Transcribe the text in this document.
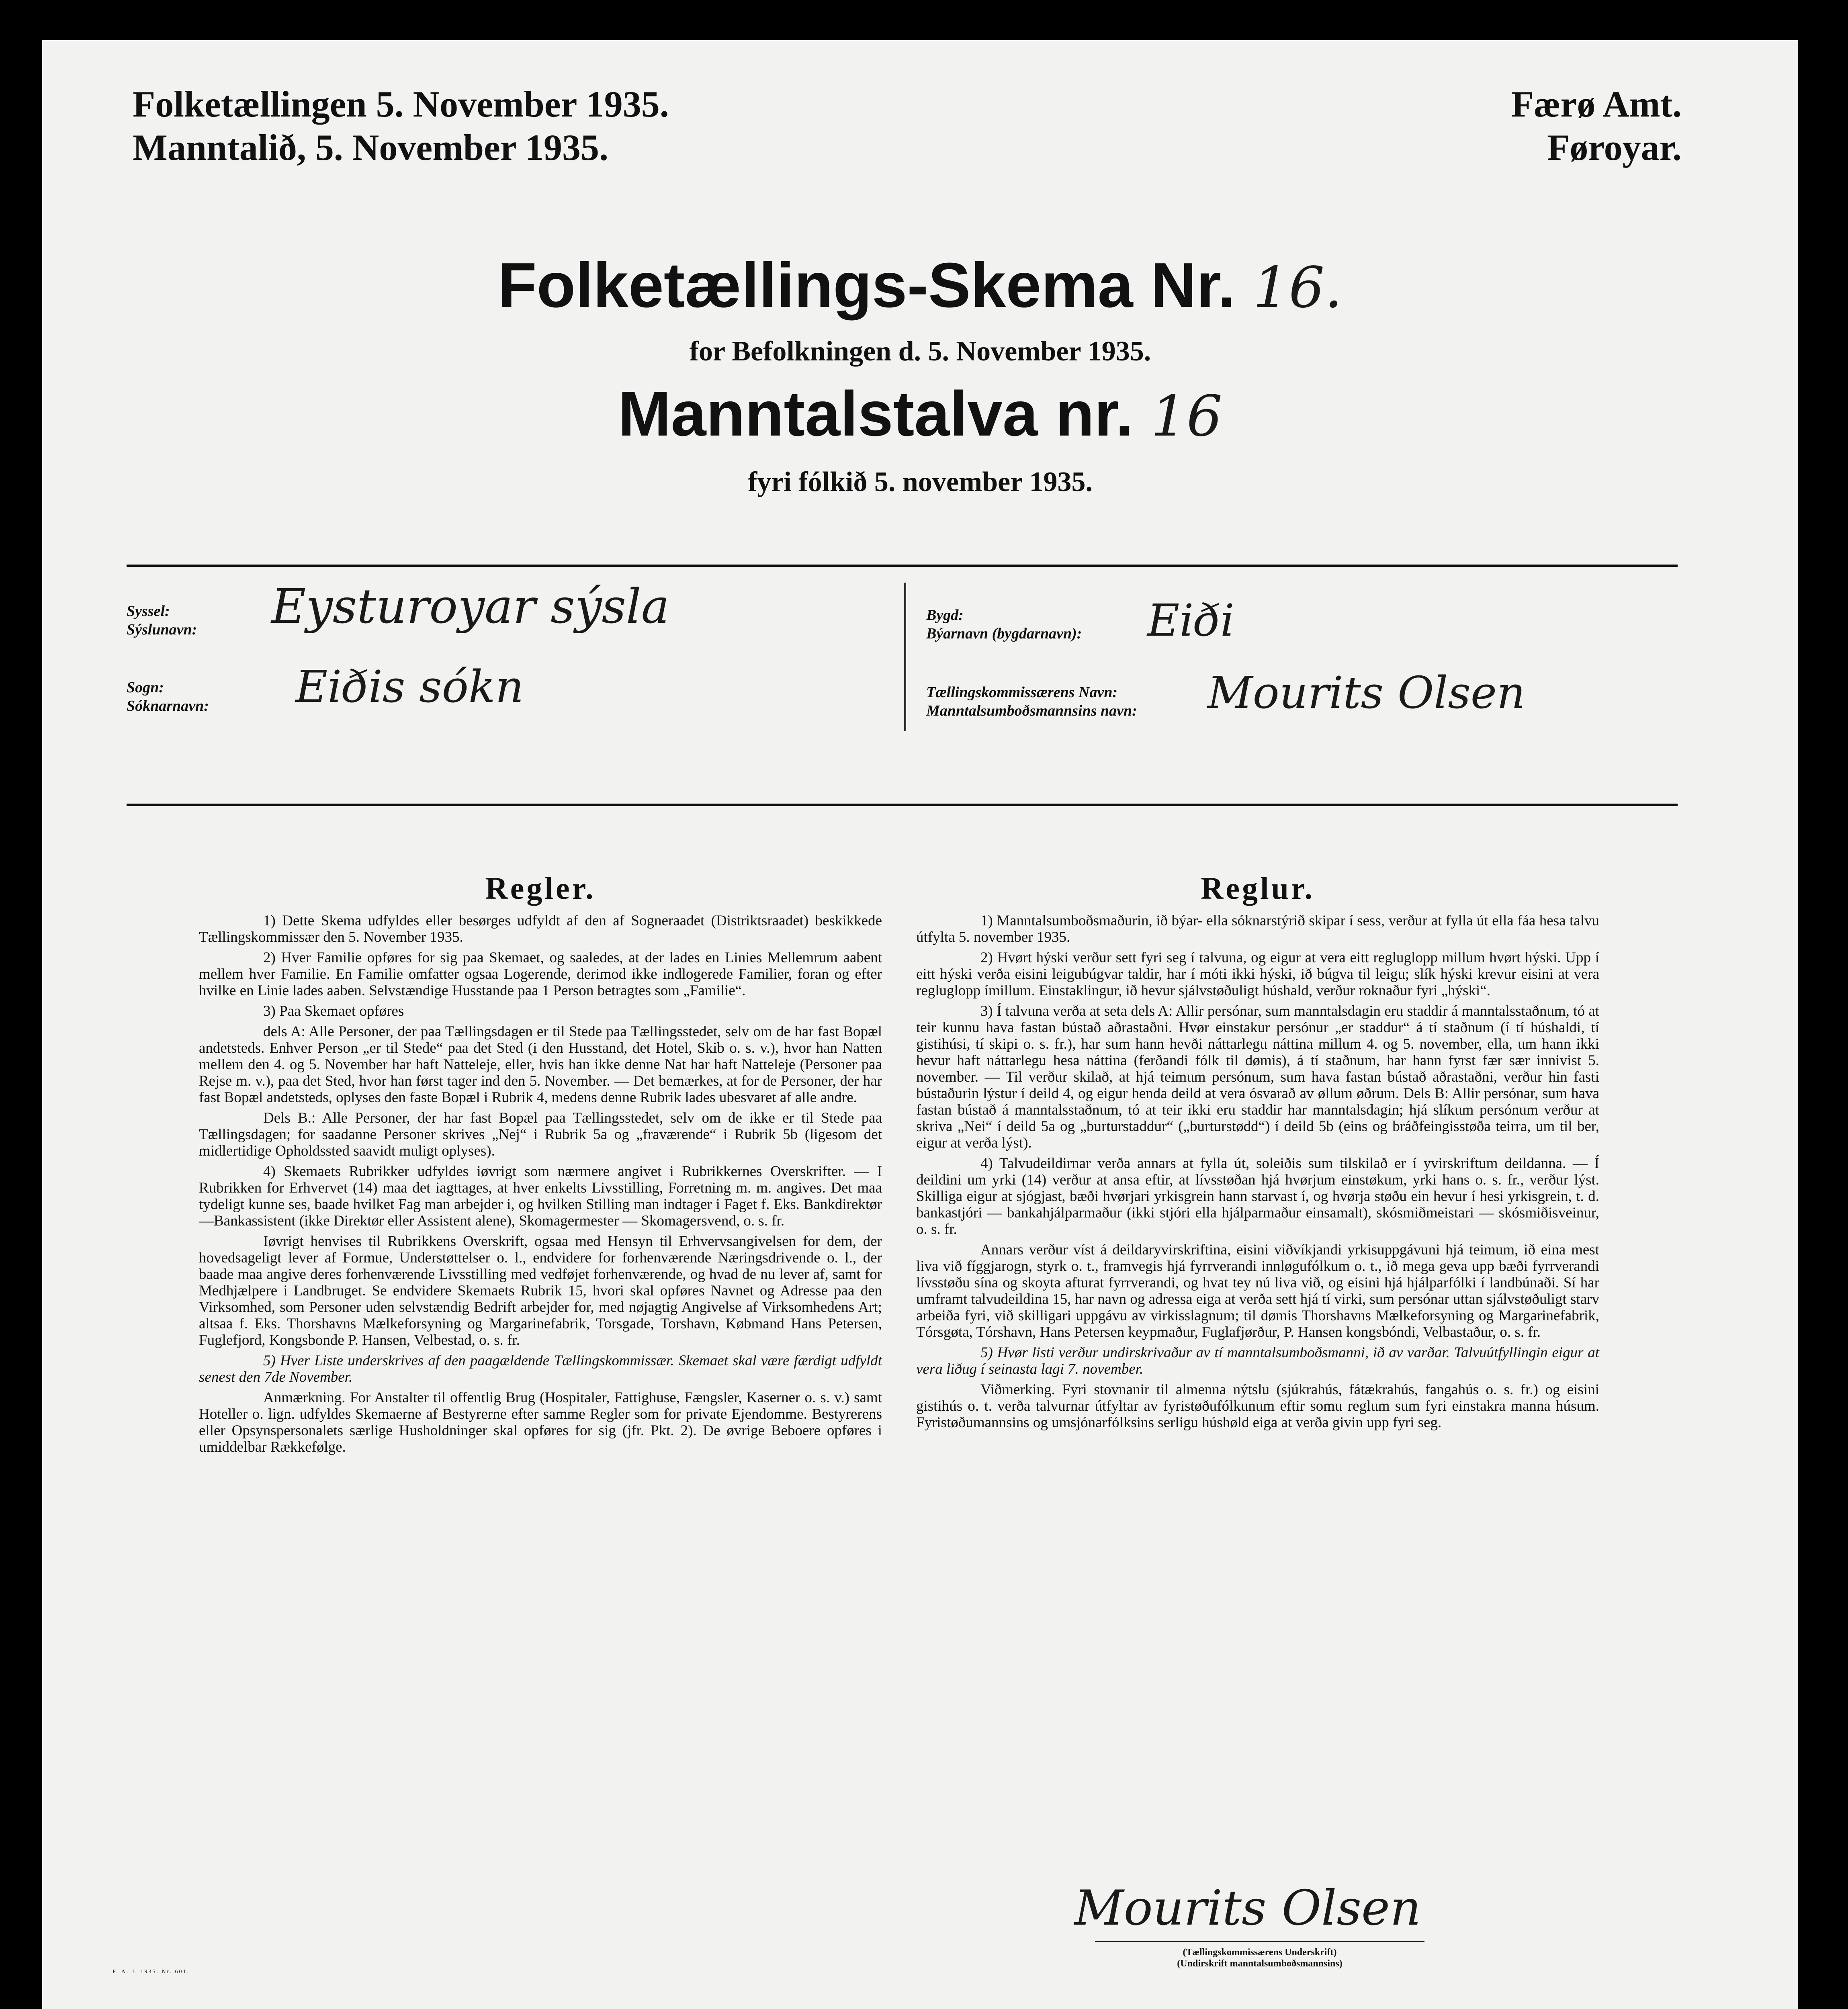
Folketællingen 5. November 1935.
Manntalið, 5. November 1935.
Færø Amt.
Føroyar.
Folketællings-Skema Nr. 16.
for Befolkningen d. 5. November 1935.
Manntalstalva nr. 16
fyri fólkið 5. november 1935.
Syssel:
Sýslunavn: Eysturoyar sýsla
Sogn:
Sóknarnavn: Eiðis sókn
Bygd:
Býarnavn (bygdarnavn): Eiði
Tællingskommissærens Navn:
Manntalsumboðsmannsins navn: Mourits Olsen
Regler.

1) Dette Skema udfyldes eller besørges udfyldt af den af Sogneraadet (Distriktsraadet) beskikkede Tællingskommissær den 5. November 1935.

2) Hver Familie opføres for sig paa Skemaet, og saaledes, at der lades en Linies Mellemrum aabent mellem hver Familie. En Familie omfatter ogsaa Logerende, derimod ikke indlogerede Familier, foran og efter hvilke en Linie lades aaben. Selvstændige Husstande paa 1 Person betragtes som „Familie“.

3) Paa Skemaet opføres

dels A: Alle Personer, der paa Tællingsdagen er til Stede paa Tællingsstedet, selv om de har fast Bopæl andetsteds. Enhver Person „er til Stede“ paa det Sted (i den Husstand, det Hotel, Skib o. s. v.), hvor han Natten mellem den 4. og 5. November har haft Natteleje, eller, hvis han ikke denne Nat har haft Natteleje (Personer paa Rejse m. v.), paa det Sted, hvor han først tager ind den 5. November. — Det bemærkes, at for de Personer, der har fast Bopæl andetsteds, oplyses den faste Bopæl i Rubrik 4, medens denne Rubrik lades ubesvaret af alle andre.

Dels B.: Alle Personer, der har fast Bopæl paa Tællingsstedet, selv om de ikke er til Stede paa Tællingsdagen; for saadanne Personer skrives „Nej“ i Rubrik 5a og „fraværende“ i Rubrik 5b (ligesom det midlertidige Opholdssted saavidt muligt oplyses).

4) Skemaets Rubrikker udfyldes iøvrigt som nærmere angivet i Rubrikkernes Overskrifter. — I Rubrikken for Erhvervet (14) maa det iagttages, at hver enkelts Livsstilling, Forretning m. m. angives. Det maa tydeligt kunne ses, baade hvilket Fag man arbejder i, og hvilken Stilling man indtager i Faget f. Eks. Bankdirektør—Bankassistent (ikke Direktør eller Assistent alene), Skomagermester — Skomagersvend, o. s. fr.

Iøvrigt henvises til Rubrikkens Overskrift, ogsaa med Hensyn til Erhvervsangivelsen for dem, der hovedsageligt lever af Formue, Understøttelser o. l., endvidere for forhenværende Næringsdrivende o. l., der baade maa angive deres forhenværende Livsstilling med vedføjet forhenværende, og hvad de nu lever af, samt for Medhjælpere i Landbruget. Se endvidere Skemaets Rubrik 15, hvori skal opføres Navnet og Adresse paa den Virksomhed, som Personer uden selvstændig Bedrift arbejder for, med nøjagtig Angivelse af Virksomhedens Art; altsaa f. Eks. Thorshavns Mælkeforsyning og Margarinefabrik, Torsgade, Torshavn, Købmand Hans Petersen, Fuglefjord, Kongsbonde P. Hansen, Velbestad, o. s. fr.

5) Hver Liste underskrives af den paagældende Tællingskommissær. Skemaet skal være færdigt udfyldt senest den 7de November.

Anmærkning. For Anstalter til offentlig Brug (Hospitaler, Fattighuse, Fængsler, Kaserner o. s. v.) samt Hoteller o. lign. udfyldes Skemaerne af Bestyrerne efter samme Regler som for private Ejendomme. Bestyrerens eller Opsynspersonalets særlige Husholdninger skal opføres for sig (jfr. Pkt. 2). De øvrige Beboere opføres i umiddelbar Rækkefølge.

Reglur.

1) Manntalsumboðsmaðurin, ið býar- ella sóknarstýrið skipar í sess, verður at fylla út ella fáa hesa talvu útfylta 5. november 1935.

2) Hvørt hýski verður sett fyri seg í talvuna, og eigur at vera eitt regluglopp millum hvørt hýski. Upp í eitt hýski verða eisini leigubúgvar taldir, har í móti ikki hýski, ið búgva til leigu; slík hýski krevur eisini at vera regluglopp ímillum. Einstaklingur, ið hevur sjálvstøðuligt húshald, verður roknaður fyri „hýski“.

3) Í talvuna verða at seta dels A: Allir persónar, sum manntalsdagin eru staddir á manntalsstaðnum, tó at teir kunnu hava fastan bústað aðrastaðni. Hvør einstakur persónur „er staddur“ á tí staðnum (í tí húshaldi, tí gistihúsi, tí skipi o. s. fr.), har sum hann hevði náttarlegu náttina millum 4. og 5. november, ella, um hann ikki hevur haft náttarlegu hesa náttina (ferðandi fólk til dømis), á tí staðnum, har hann fyrst fær sær innivist 5. november. — Til verður skilað, at hjá teimum persónum, sum hava fastan bústað aðrastaðni, verður hin fasti bústaðurin lýstur í deild 4, og eigur henda deild at vera ósvarað av øllum øðrum. Dels B: Allir persónar, sum hava fastan bústað á manntalsstaðnum, tó at teir ikki eru staddir har manntalsdagin; hjá slíkum persónum verður at skriva „Nei“ í deild 5a og „burturstaddur“ („burturstødd“) í deild 5b (eins og bráðfeingisstøða teirra, um til ber, eigur at verða lýst).

4) Talvudeildirnar verða annars at fylla út, soleiðis sum tilskilað er í yvirskriftum deildanna. — Í deildini um yrki (14) verður at ansa eftir, at lívsstøðan hjá hvørjum einstøkum, yrki hans o. s. fr., verður lýst. Skilliga eigur at sjógjast, bæði hvørjari yrkisgrein hann starvast í, og hvørja støðu ein hevur í hesi yrkisgrein, t. d. bankastjóri — bankahjálparmaður (ikki stjóri ella hjálparmaður einsamalt), skósmiðmeistari — skósmiðisveinur, o. s. fr.

Annars verður víst á deildaryvirskriftina, eisini viðvíkjandi yrkisuppgávuni hjá teimum, ið eina mest liva við fíggjarogn, styrk o. t., framvegis hjá fyrrverandi innløgufólkum o. t., ið mega geva upp bæði fyrrverandi lívsstøðu sína og skoyta afturat fyrrverandi, og hvat tey nú liva við, og eisini hjá hjálparfólki í landbúnaði. Sí har umframt talvudeildina 15, har navn og adressa eiga at verða sett hjá tí virki, sum persónar uttan sjálvstøðuligt starv arbeiða fyri, við skilligari uppgávu av virkisslagnum; til dømis Thorshavns Mælkeforsyning og Margarinefabrik, Tórsgøta, Tórshavn, Hans Petersen keypmaður, Fuglafjørður, P. Hansen kongsbóndi, Velbastaður, o. s. fr.

5) Hvør listi verður undirskrivaður av tí manntalsumboðsmanni, ið av varðar. Talvuútfyllingin eigur at vera liðug í seinasta lagi 7. november.

Viðmerking. Fyri stovnanir til almenna nýtslu (sjúkrahús, fátækrahús, fangahús o. s. fr.) og eisini gistihús o. t. verða talvurnar útfyltar av fyristøðufólkunum eftir somu reglum sum fyri einstakra manna húsum. Fyristøðumannsins og umsjónarfólksins serligu húshøld eiga at verða givin upp fyri seg.

Mourits Olsen
(Tællingskommissærens Underskrift)
(Undirskrift manntalsumboðsmannsins)
F. A. J. 1935. Nr. 601.
